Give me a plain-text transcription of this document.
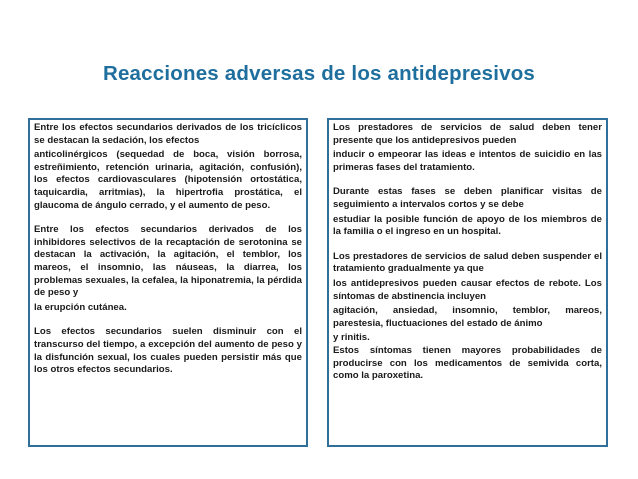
Reacciones adversas de los antidepresivos

Entre los efectos secundarios derivados de los tricíclicos se destacan la sedación, los efectos

anticolinérgicos (sequedad de boca, visión borrosa, estreñimiento, retención urinaria, agitación, confusión), los efectos cardiovasculares (hipotensión ortostática, taquicardia, arritmias), la hipertrofia prostática, el glaucoma de ángulo cerrado, y el aumento de peso.

Entre los efectos secundarios derivados de los inhibidores selectivos de la recaptación de serotonina se destacan la activación, la agitación, el temblor, los mareos, el insomnio, las náuseas, la diarrea, los problemas sexuales, la cefalea, la hiponatremia, la pérdida de peso y

la erupción cutánea.

Los efectos secundarios suelen disminuir con el transcurso del tiempo, a excepción del aumento de peso y la disfunción sexual, los cuales pueden persistir más que los otros efectos secundarios.

Los prestadores de servicios de salud deben tener presente que los antidepresivos pueden

inducir o empeorar las ideas e intentos de suicidio en las primeras fases del tratamiento.

Durante estas fases se deben planificar visitas de seguimiento a intervalos cortos y se debe

estudiar la posible función de apoyo de los miembros de la familia o el ingreso en un hospital.

Los prestadores de servicios de salud deben suspender el tratamiento gradualmente ya que

los antidepresivos pueden causar efectos de rebote. Los síntomas de abstinencia incluyen

agitación, ansiedad, insomnio, temblor, mareos, parestesia, fluctuaciones del estado de ánimo

y rinitis.

Estos síntomas tienen mayores probabilidades de producirse con los medicamentos de semivida corta, como la paroxetina.
